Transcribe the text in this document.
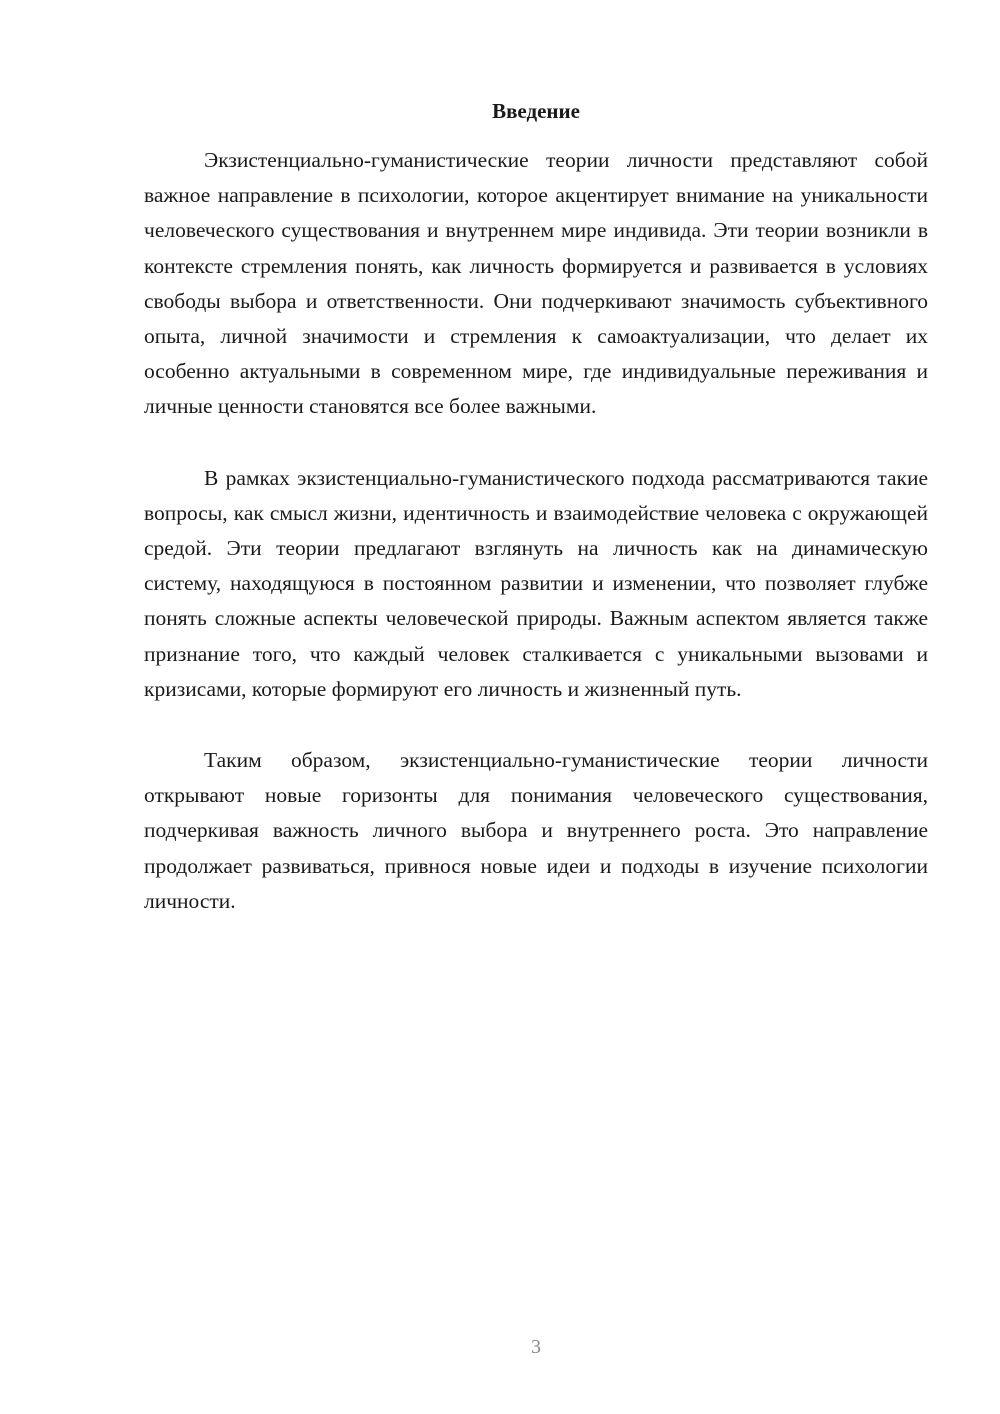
Введение

Экзистенциально-гуманистические теории личности представляют собой важное направление в психологии, которое акцентирует внимание на уникальности человеческого существования и внутреннем мире индивида. Эти теории возникли в контексте стремления понять, как личность формируется и развивается в условиях свободы выбора и ответственности. Они подчеркивают значимость субъективного опыта, личной значимости и стремления к самоактуализации, что делает их особенно актуальными в современном мире, где индивидуальные переживания и личные ценности становятся все более важными.

В рамках экзистенциально-гуманистического подхода рассматриваются такие вопросы, как смысл жизни, идентичность и взаимодействие человека с окружающей средой. Эти теории предлагают взглянуть на личность как на динамическую систему, находящуюся в постоянном развитии и изменении, что позволяет глубже понять сложные аспекты человеческой природы. Важным аспектом является также признание того, что каждый человек сталкивается с уникальными вызовами и кризисами, которые формируют его личность и жизненный путь.

Таким образом, экзистенциально-гуманистические теории личности открывают новые горизонты для понимания человеческого существования, подчеркивая важность личного выбора и внутреннего роста. Это направление продолжает развиваться, привнося новые идеи и подходы в изучение психологии личности.

3
